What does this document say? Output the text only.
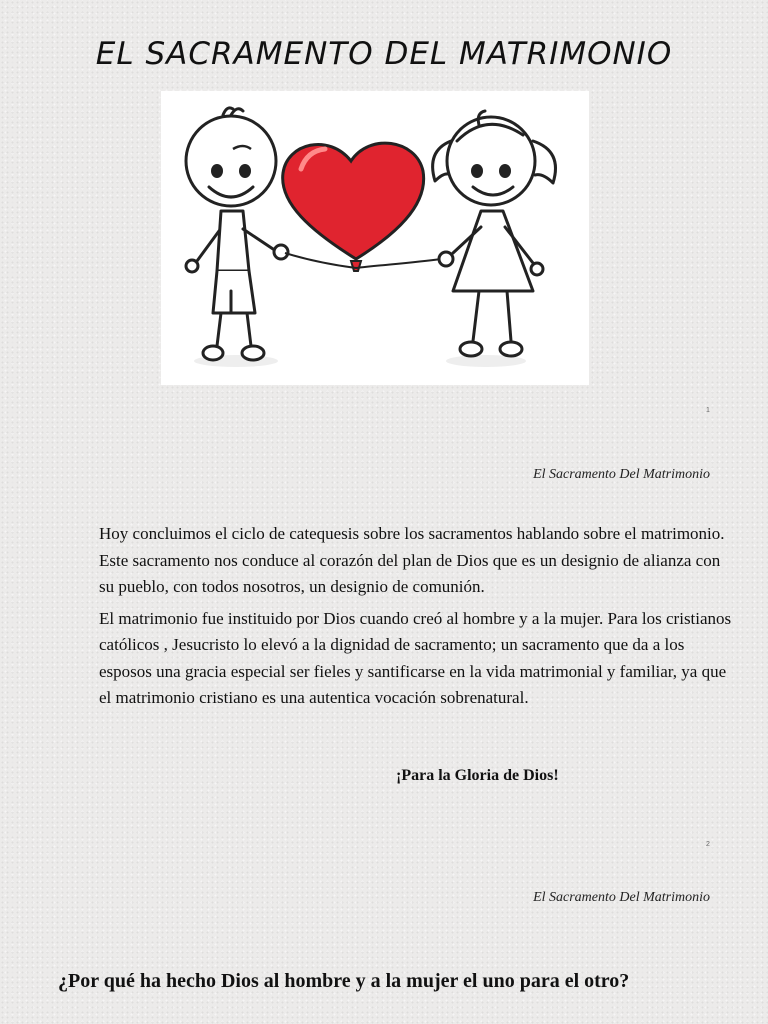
EL SACRAMENTO DEL MATRIMONIO
1
El Sacramento Del Matrimonio

Hoy concluimos el ciclo de catequesis sobre los sacramentos hablando sobre el matrimonio. Este sacramento nos conduce al corazón del plan de Dios que es un designio de alianza con su pueblo, con todos nosotros, un designio de comunión.

El matrimonio fue instituido por Dios cuando creó al hombre y a la mujer. Para los cristianos católicos , Jesucristo lo elevó a la dignidad de sacramento; un sacramento que da a los esposos una gracia especial ser fieles y santificarse en la vida matrimonial y familiar, ya que el matrimonio cristiano es una autentica vocación sobrenatural.

¡Para la Gloria de Dios!
2
El Sacramento Del Matrimonio
¿Por qué ha hecho Dios al hombre y a la mujer el uno para el otro?
